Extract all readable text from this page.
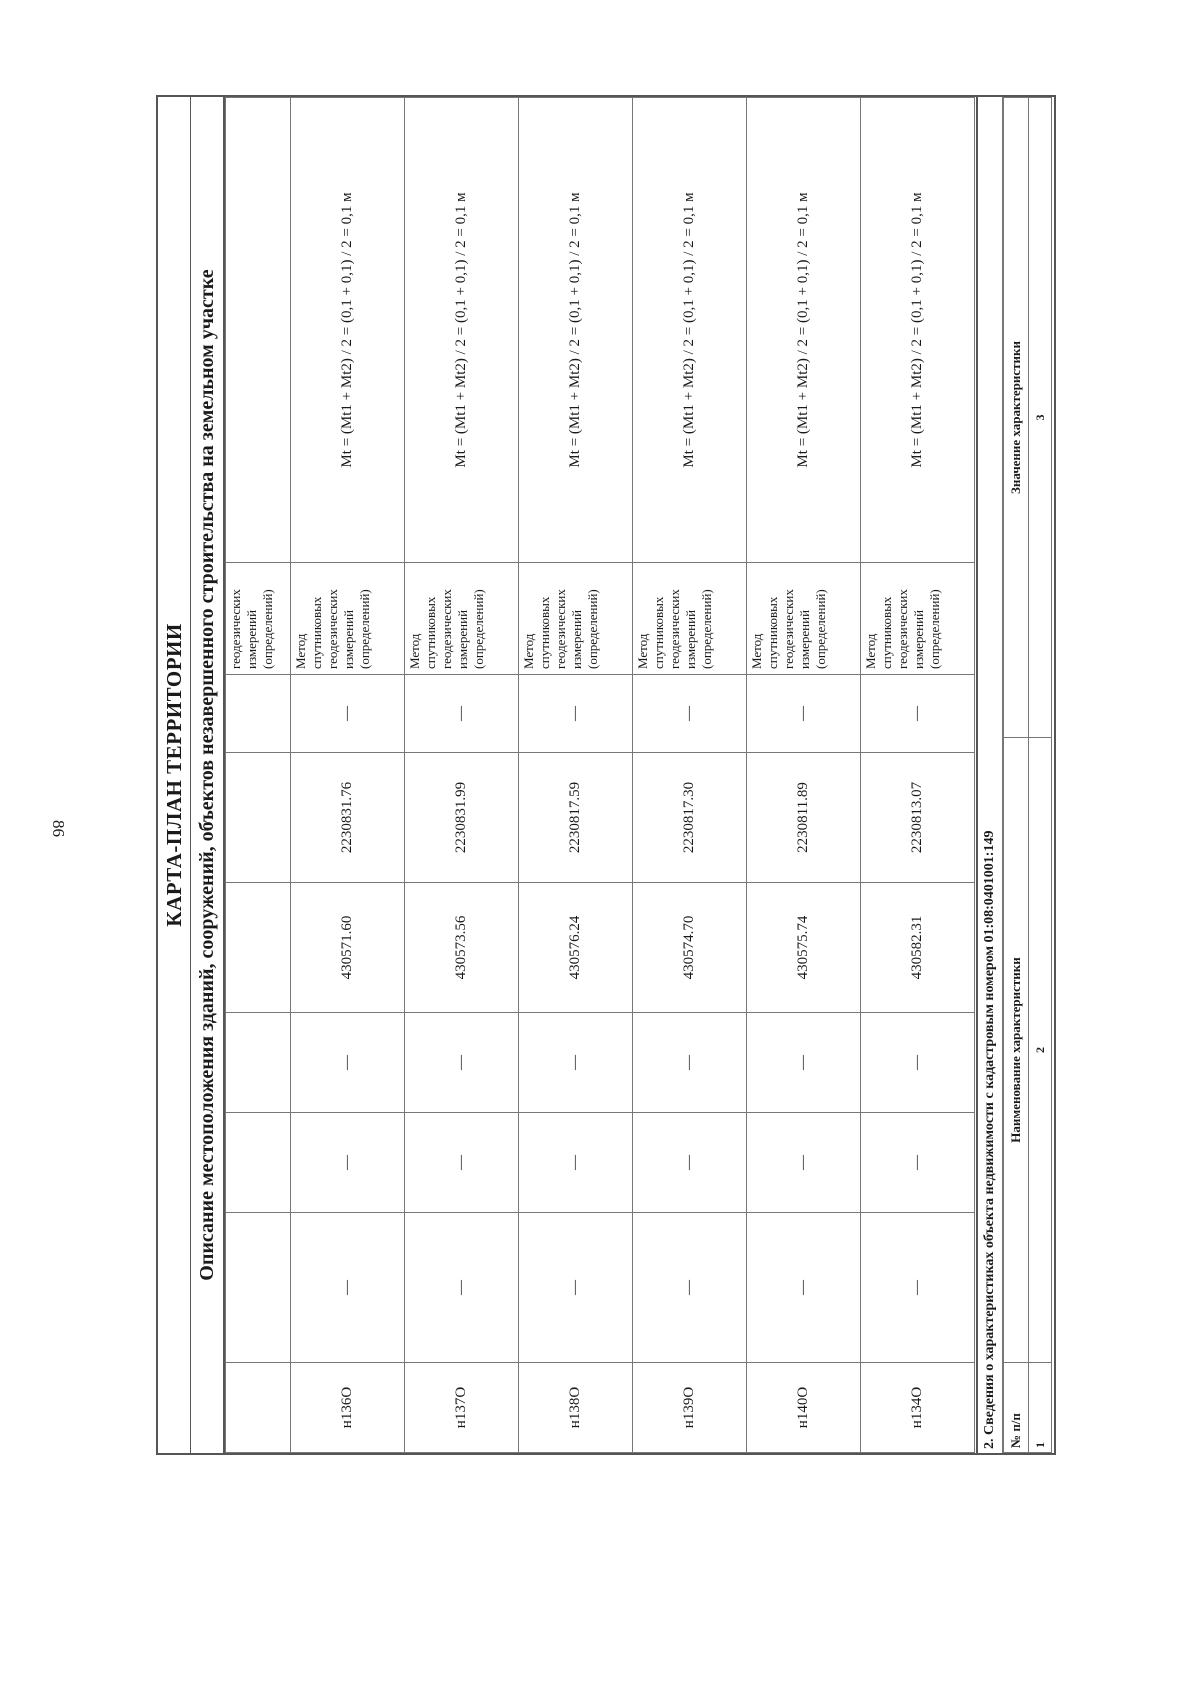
86	КАРТА-ПЛАН ТЕРРИТОРИИ Описание местоположения зданий, сооружений, объектов незавершенного строительства на земельном участке
							геодезических измерений (определений)	
н136О	—	—	—	430571.60	2230831.76	—	Метод спутниковых геодезических измерений (определений)	Mt = (Mt1 + Mt2) / 2 = (0,1 + 0,1) / 2 = 0,1 м
н137О	—	—	—	430573.56	2230831.99	—	Метод спутниковых геодезических измерений (определений)	Mt = (Mt1 + Mt2) / 2 = (0,1 + 0,1) / 2 = 0,1 м
н138О	—	—	—	430576.24	2230817.59	—	Метод спутниковых геодезических измерений (определений)	Mt = (Mt1 + Mt2) / 2 = (0,1 + 0,1) / 2 = 0,1 м
н139О	—	—	—	430574.70	2230817.30	—	Метод спутниковых геодезических измерений (определений)	Mt = (Mt1 + Mt2) / 2 = (0,1 + 0,1) / 2 = 0,1 м
н140О	—	—	—	430575.74	2230811.89	—	Метод спутниковых геодезических измерений (определений)	Mt = (Mt1 + Mt2) / 2 = (0,1 + 0,1) / 2 = 0,1 м
н134О	—	—	—	430582.31	2230813.07	—	Метод спутниковых геодезических измерений (определений)	Mt = (Mt1 + Mt2) / 2 = (0,1 + 0,1) / 2 = 0,1 м
2. Сведения о характеристиках объекта недвижимости с кадастровым номером 01:08:0401001:149 № п/п	Наименование характеристики	Значение характеристики
1	2	3
